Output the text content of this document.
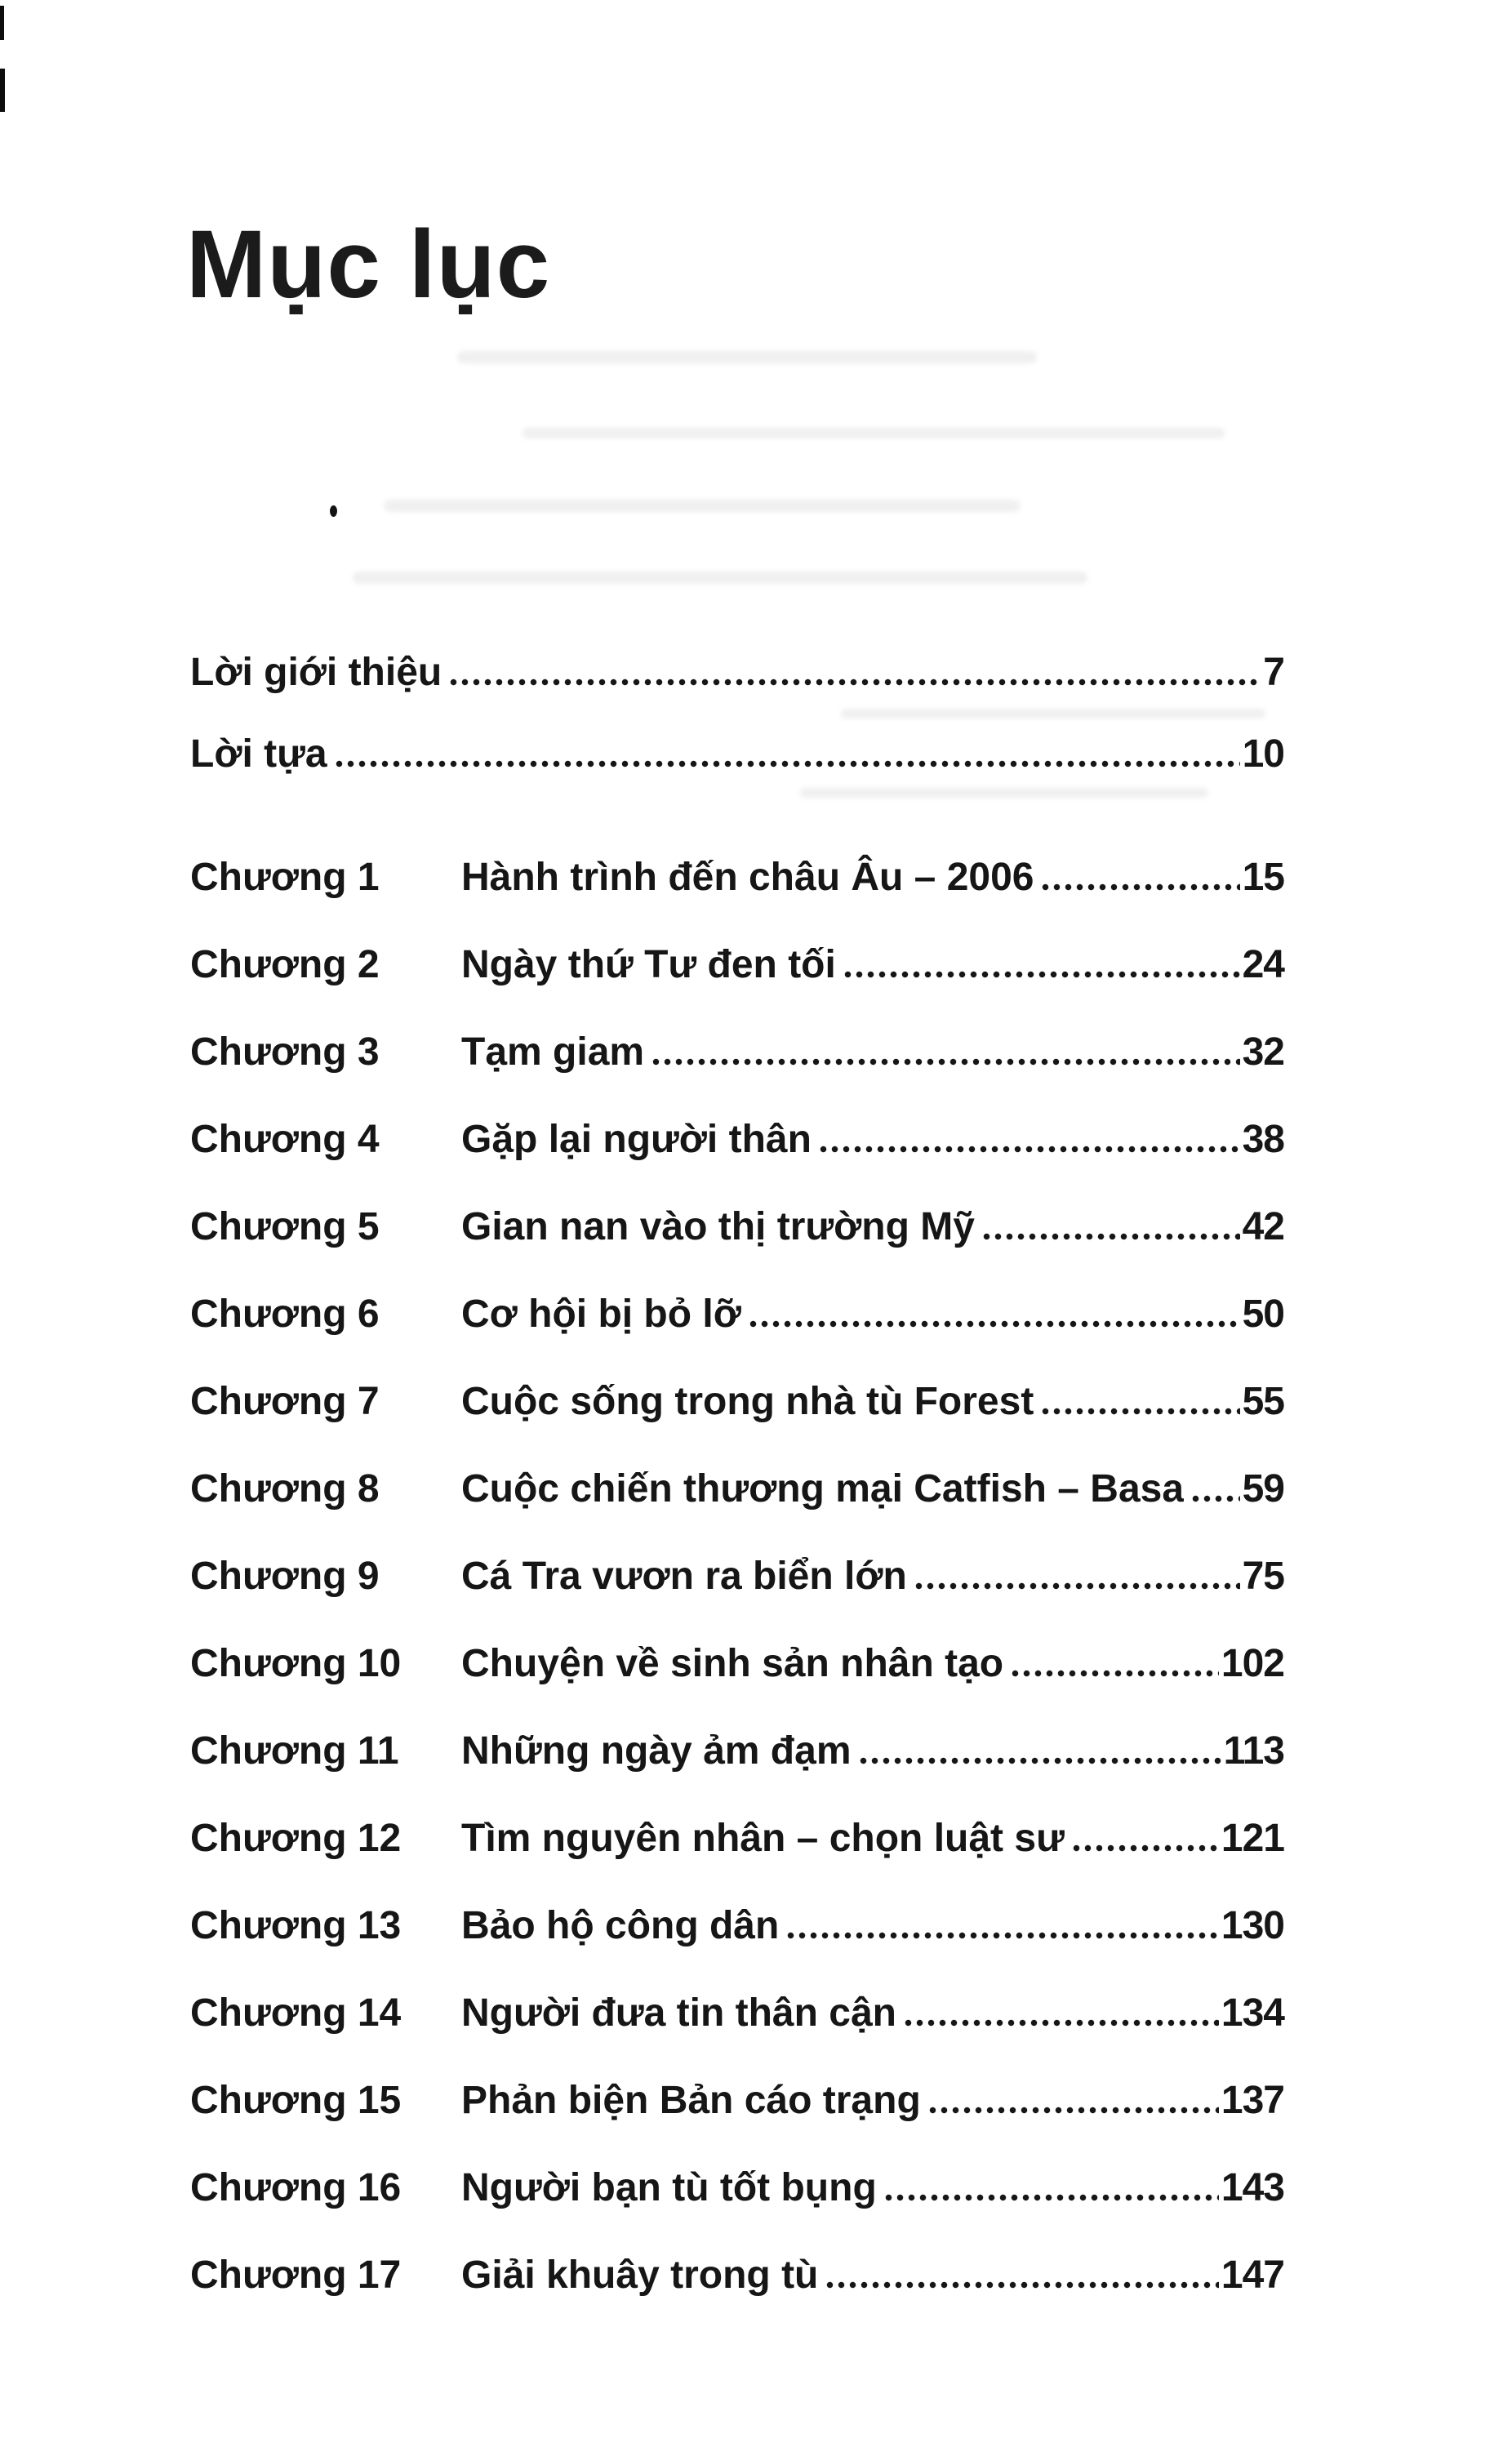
Mục lục
Lời giới thiệu	7
Lời tựa	10
Chương 1	Hành trình đến châu Âu – 2006	15
Chương 2	Ngày thứ Tư đen tối	24
Chương 3	Tạm giam	32
Chương 4	Gặp lại người thân	38
Chương 5	Gian nan vào thị trường Mỹ	42
Chương 6	Cơ hội bị bỏ lỡ	50
Chương 7	Cuộc sống trong nhà tù Forest	55
Chương 8	Cuộc chiến thương mại Catfish – Basa 59
Chương 9	Cá Tra vươn ra biển lớn	75
Chương 10	Chuyện về sinh sản nhân tạo	102
Chương 11	Những ngày ảm đạm	113
Chương 12	Tìm nguyên nhân – chọn luật sư	121
Chương 13	Bảo hộ công dân	130
Chương 14	Người đưa tin thân cận	134
Chương 15	Phản biện Bản cáo trạng	137
Chương 16	Người bạn tù tốt bụng	143
Chương 17	Giải khuây trong tù	147
